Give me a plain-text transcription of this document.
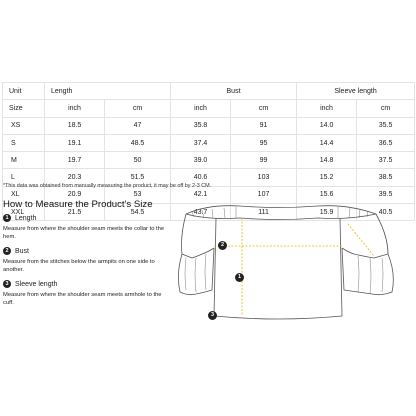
Unit	Length		Bust		Sleeve length	
Size	inch	cm	inch	cm	inch	cm
XS	18.5	47	35.8	91	14.0	35.5
S	19.1	48.5	37.4	95	14.4	36.5
M	19.7	50	39.0	99	14.8	37.5
L	20.3	51.5	40.6	103	15.2	38.5
XL	20.9	53	42.1	107	15.6	39.5
XXL	21.5	54.5	43.7	111	15.9	40.5
*This data was obtained from manually measuring the product, it may be off by 2-3 CM.
How to Measure the Product's Size
1 Length
Measure from where the shoulder seam meets the collar to the hem.
2 Bust
Measure from the stitches below the armpits on one side to another.
3 Sleeve length
Measure from where the shoulder seam meets armhole to the cuff.
2
1
3
